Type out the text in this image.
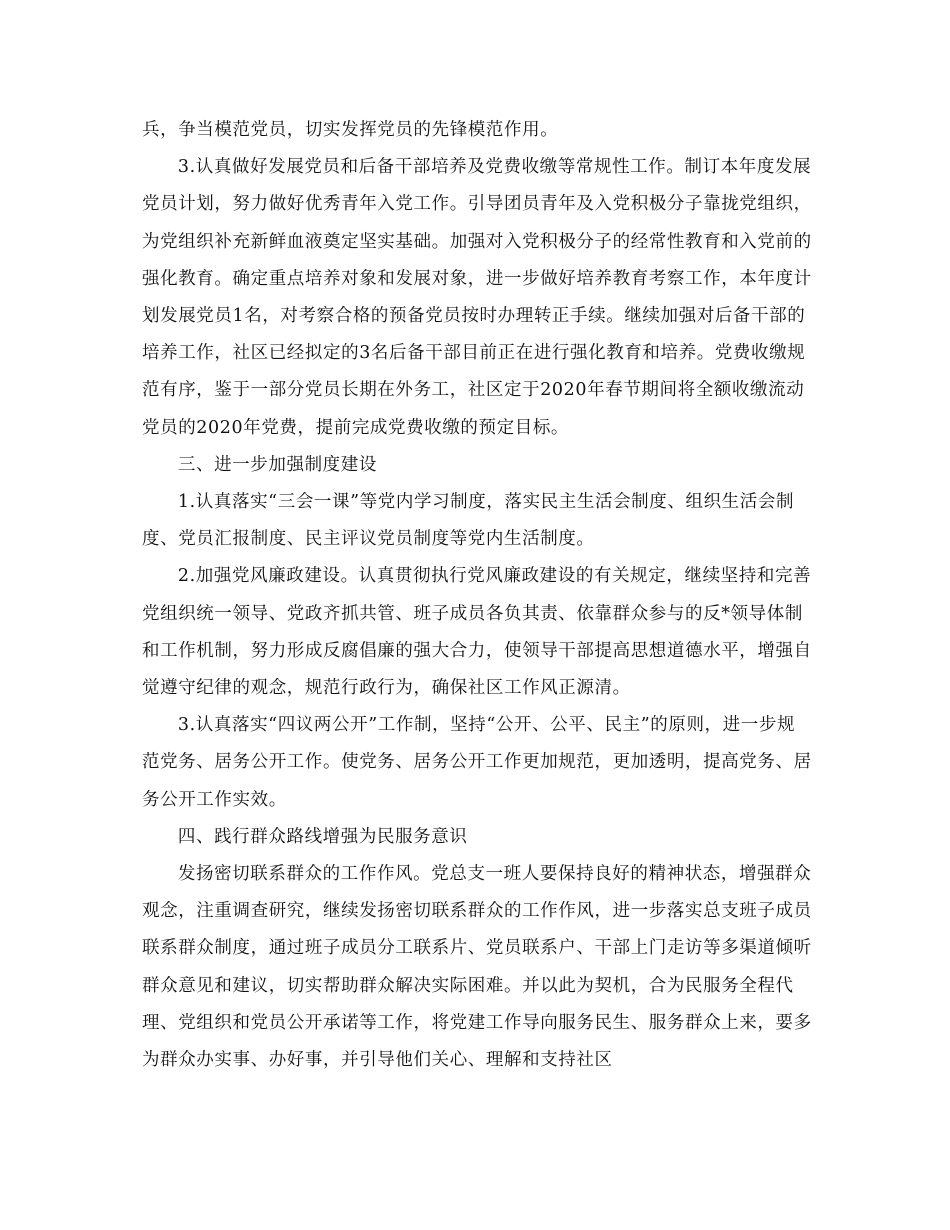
兵，争当模范党员，切实发挥党员的先锋模范作用。

3.认真做好发展党员和后备干部培养及党费收缴等常规性工作。制订本年度发展党员计划，努力做好优秀青年入党工作。引导团员青年及入党积极分子靠拢党组织，为党组织补充新鲜血液奠定坚实基础。加强对入党积极分子的经常性教育和入党前的强化教育。确定重点培养对象和发展对象，进一步做好培养教育考察工作，本年度计划发展党员1名，对考察合格的预备党员按时办理转正手续。继续加强对后备干部的培养工作，社区已经拟定的3名后备干部目前正在进行强化教育和培养。党费收缴规范有序，鉴于一部分党员长期在外务工，社区定于2020年春节期间将全额收缴流动党员的2020年党费，提前完成党费收缴的预定目标。

三、进一步加强制度建设

1.认真落实“三会一课”等党内学习制度，落实民主生活会制度、组织生活会制度、党员汇报制度、民主评议党员制度等党内生活制度。

2.加强党风廉政建设。认真贯彻执行党风廉政建设的有关规定，继续坚持和完善党组织统一领导、党政齐抓共管、班子成员各负其责、依靠群众参与的反*领导体制和工作机制，努力形成反腐倡廉的强大合力，使领导干部提高思想道德水平，增强自觉遵守纪律的观念，规范行政行为，确保社区工作风正源清。

3.认真落实“四议两公开”工作制，坚持“公开、公平、民主”的原则，进一步规范党务、居务公开工作。使党务、居务公开工作更加规范，更加透明，提高党务、居务公开工作实效。

四、践行群众路线增强为民服务意识

发扬密切联系群众的工作作风。党总支一班人要保持良好的精神状态，增强群众观念，注重调查研究，继续发扬密切联系群众的工作作风，进一步落实总支班子成员联系群众制度，通过班子成员分工联系片、党员联系户、干部上门走访等多渠道倾听群众意见和建议，切实帮助群众解决实际困难。并以此为契机，合为民服务全程代理、党组织和党员公开承诺等工作，将党建工作导向服务民生、服务群众上来，要多为群众办实事、办好事，并引导他们关心、理解和支持社区
